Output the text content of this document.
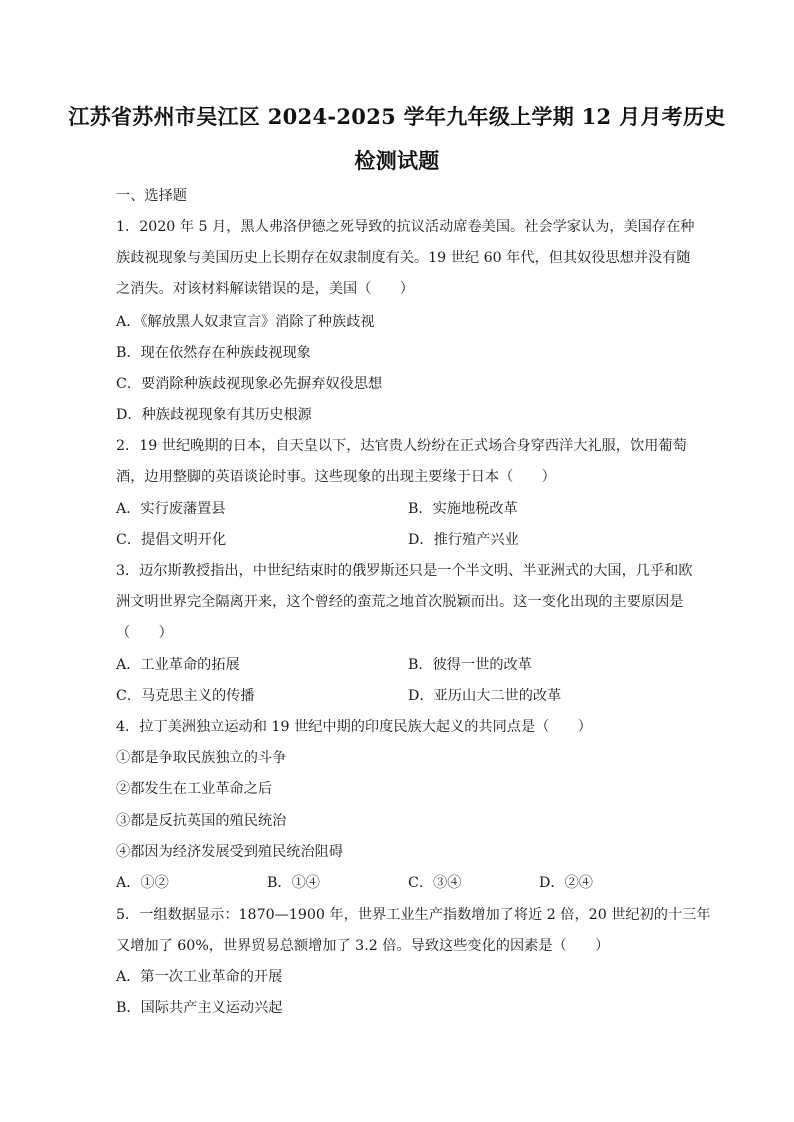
江苏省苏州市吴江区 2024-2025 学年九年级上学期 12 月月考历史
检测试题
一、选择题
1．2020 年 5 月，黑人弗洛伊德之死导致的抗议活动席卷美国。社会学家认为，美国存在种
族歧视现象与美国历史上长期存在奴隶制度有关。19 世纪 60 年代，但其奴役思想并没有随
之消失。对该材料解读错误的是，美国（　　）
A．《解放黑人奴隶宣言》消除了种族歧视
B．现在依然存在种族歧视现象
C．要消除种族歧视现象必先摒弃奴役思想
D．种族歧视现象有其历史根源
2．19 世纪晚期的日本，自天皇以下，达官贵人纷纷在正式场合身穿西洋大礼服，饮用葡萄
酒，边用整脚的英语谈论时事。这些现象的出现主要缘于日本（　　）
A．实行废藩置县	B．实施地税改革
C．提倡文明开化	D．推行殖产兴业
3．迈尔斯教授指出，中世纪结束时的俄罗斯还只是一个半文明、半亚洲式的大国，几乎和欧
洲文明世界完全隔离开来，这个曾经的蛮荒之地首次脱颖而出。这一变化出现的主要原因是
（　　）
A．工业革命的拓展	B．彼得一世的改革
C．马克思主义的传播	D．亚历山大二世的改革
4．拉丁美洲独立运动和 19 世纪中期的印度民族大起义的共同点是（　　）
①都是争取民族独立的斗争
②都发生在工业革命之后
③都是反抗英国的殖民统治
④都因为经济发展受到殖民统治阻碍
A．①②	B．①④	C．③④	D．②④
5．一组数据显示：1870—1900 年，世界工业生产指数增加了将近 2 倍，20 世纪初的十三年
又增加了 60%，世界贸易总额增加了 3.2 倍。导致这些变化的因素是（　　）
A．第一次工业革命的开展
B．国际共产主义运动兴起
